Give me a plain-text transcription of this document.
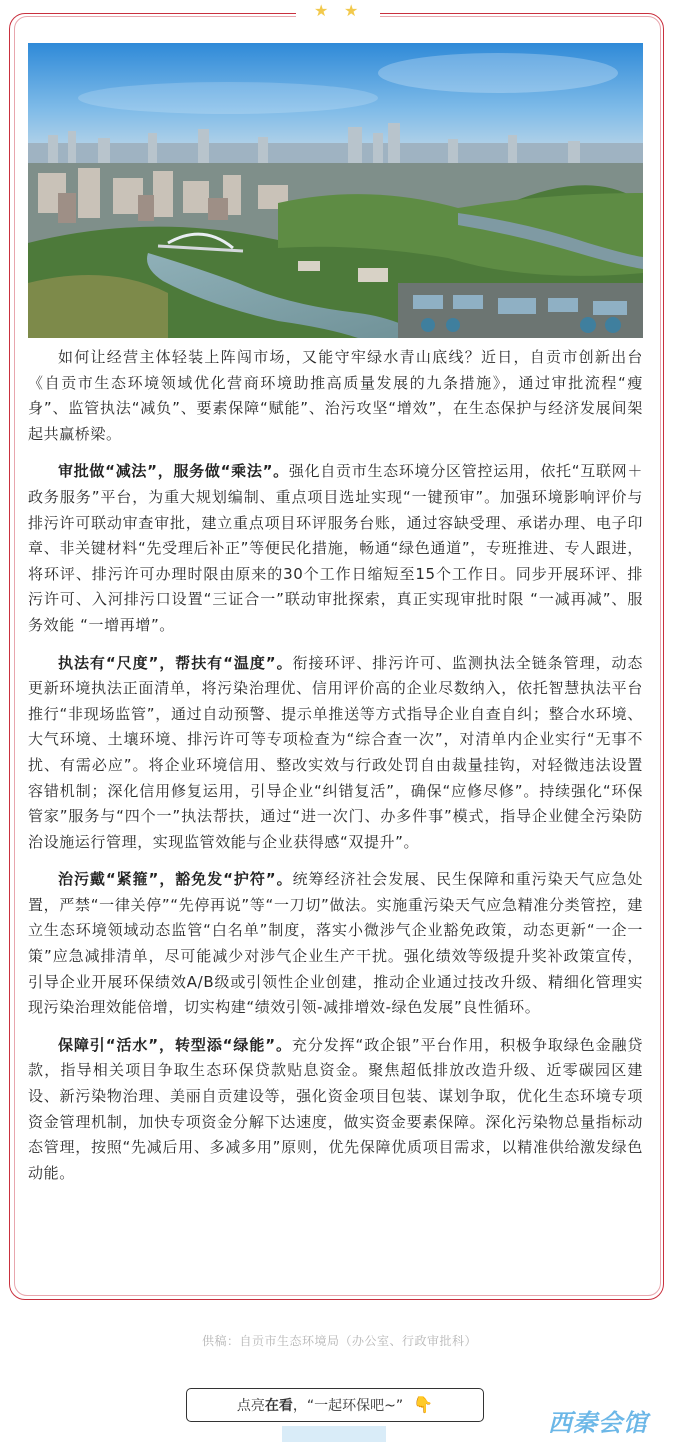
★ ★

如何让经营主体轻装上阵闯市场，又能守牢绿水青山底线？近日，自贡市创新出台《自贡市生态环境领域优化营商环境助推高质量发展的九条措施》，通过审批流程“瘦身”、监管执法“减负”、要素保障“赋能”、治污攻坚“增效”，在生态保护与经济发展间架起共赢桥梁。

审批做“减法”，服务做“乘法”。强化自贡市生态环境分区管控运用，依托“互联网＋政务服务”平台，为重大规划编制、重点项目选址实现“一键预审”。加强环境影响评价与排污许可联动审查审批，建立重点项目环评服务台账，通过容缺受理、承诺办理、电子印章、非关键材料“先受理后补正”等便民化措施，畅通“绿色通道”，专班推进、专人跟进，将环评、排污许可办理时限由原来的30个工作日缩短至15个工作日。同步开展环评、排污许可、入河排污口设置“三证合一”联动审批探索，真正实现审批时限 “一减再减”、服务效能 “一增再增”。

执法有“尺度”，帮扶有“温度”。衔接环评、排污许可、监测执法全链条管理，动态更新环境执法正面清单，将污染治理优、信用评价高的企业尽数纳入，依托智慧执法平台推行“非现场监管”，通过自动预警、提示单推送等方式指导企业自查自纠；整合水环境、大气环境、土壤环境、排污许可等专项检查为“综合查一次”，对清单内企业实行“无事不扰、有需必应”。将企业环境信用、整改实效与行政处罚自由裁量挂钩，对轻微违法设置容错机制；深化信用修复运用，引导企业“纠错复活”，确保“应修尽修”。持续强化“环保管家”服务与“四个一”执法帮扶，通过“进一次门、办多件事”模式，指导企业健全污染防治设施运行管理，实现监管效能与企业获得感“双提升”。

治污戴“紧箍”，豁免发“护符”。统筹经济社会发展、民生保障和重污染天气应急处置，严禁“一律关停”“先停再说”等“一刀切”做法。实施重污染天气应急精准分类管控，建立生态环境领域动态监管“白名单”制度，落实小微涉气企业豁免政策，动态更新“一企一策”应急减排清单，尽可能减少对涉气企业生产干扰。强化绩效等级提升奖补政策宣传，引导企业开展环保绩效A/B级或引领性企业创建，推动企业通过技改升级、精细化管理实现污染治理效能倍增，切实构建“绩效引领-减排增效-绿色发展”良性循环。

保障引“活水”，转型添“绿能”。充分发挥“政企银”平台作用，积极争取绿色金融贷款，指导相关项目争取生态环保贷款贴息资金。聚焦超低排放改造升级、近零碳园区建设、新污染物治理、美丽自贡建设等，强化资金项目包装、谋划争取，优化生态环境专项资金管理机制，加快专项资金分解下达速度，做实资金要素保障。深化污染物总量指标动态管理，按照“先减后用、多减多用”原则，优先保障优质项目需求，以精准供给激发绿色动能。

供稿：自贡市生态环境局（办公室、行政审批科）
点亮在看，“一起环保吧~” 👇
西秦会馆
